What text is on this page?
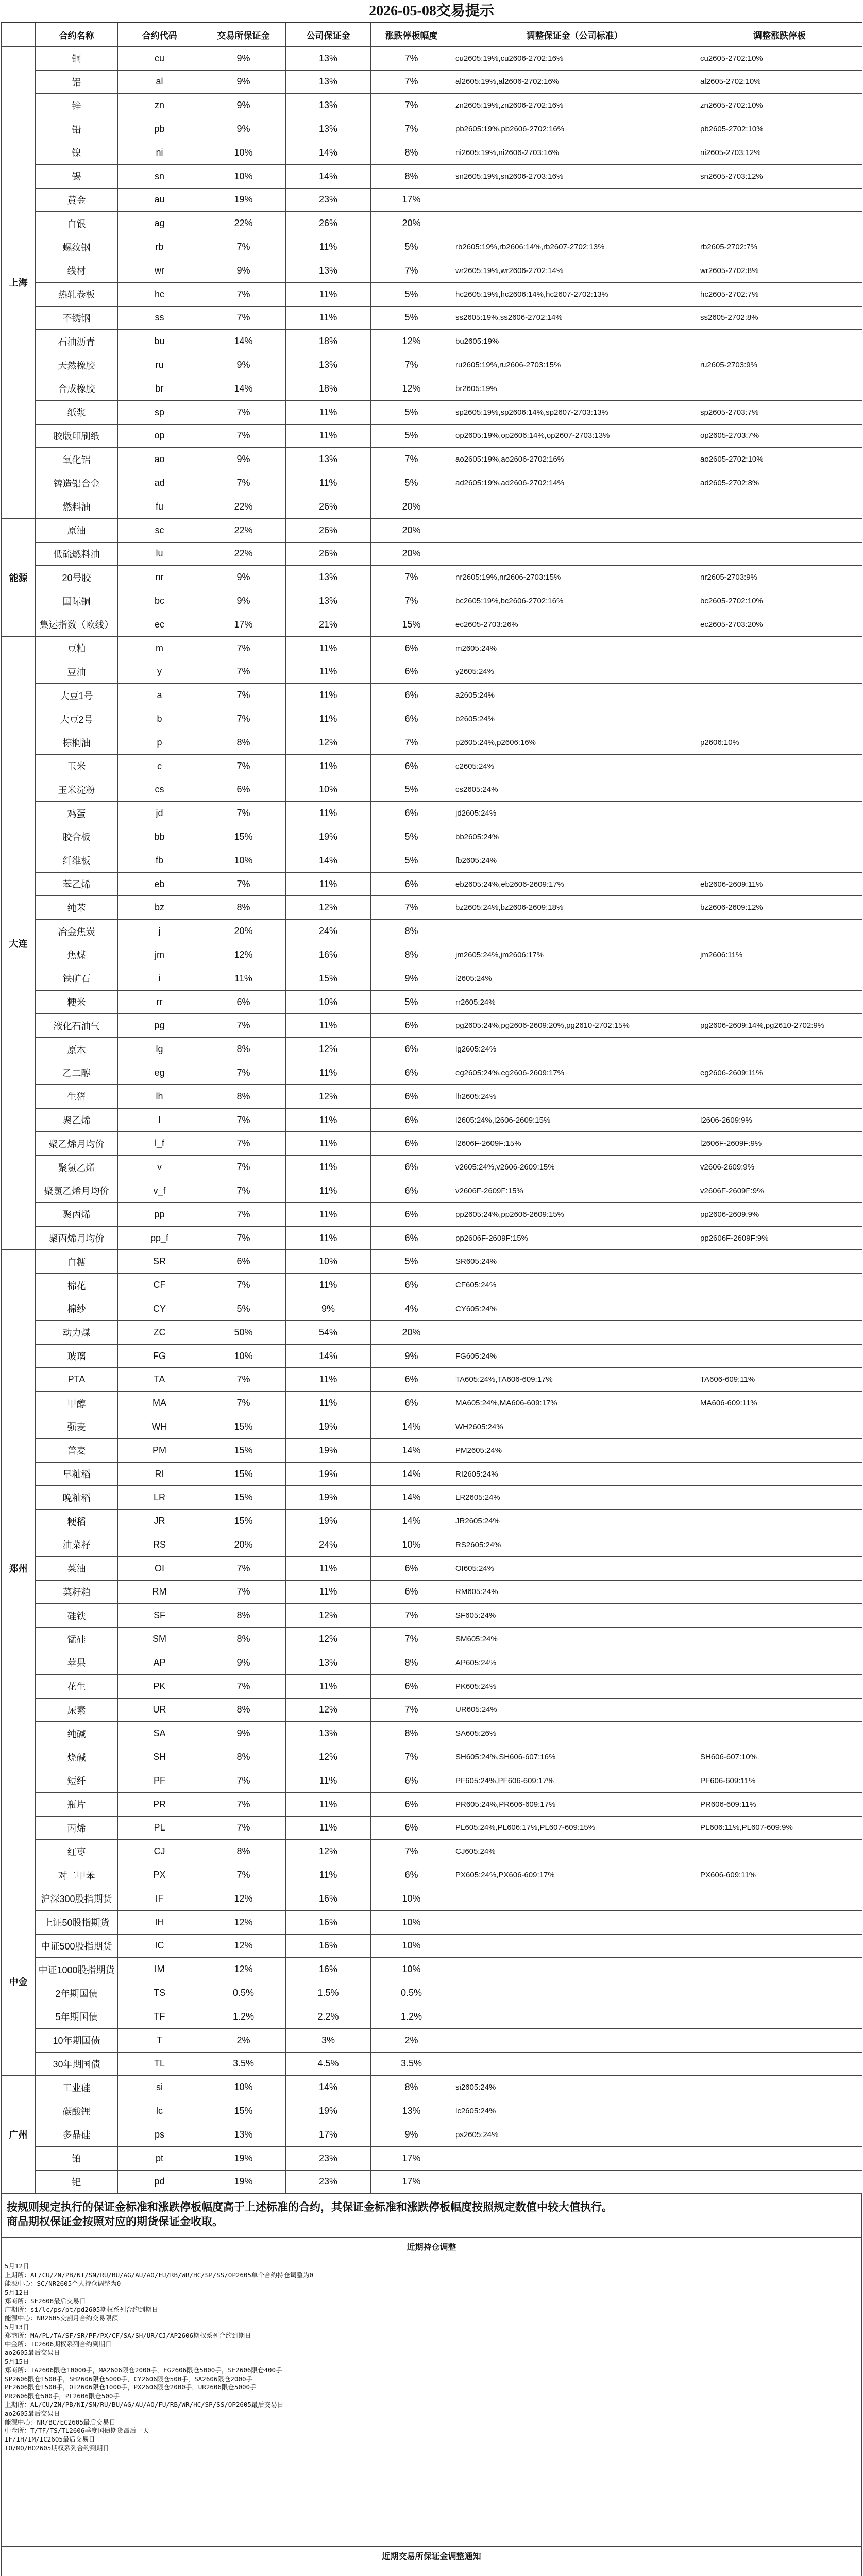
2026-05-08交易提示
	合约名称	合约代码	交易所保证金	公司保证金	涨跌停板幅度	调整保证金（公司标准）	调整涨跌停板
上海	铜	cu	9%	13%	7%	cu2605:19%,cu2606-2702:16%	cu2605-2702:10%
	铝	al	9%	13%	7%	al2605:19%,al2606-2702:16%	al2605-2702:10%
	锌	zn	9%	13%	7%	zn2605:19%,zn2606-2702:16%	zn2605-2702:10%
	铅	pb	9%	13%	7%	pb2605:19%,pb2606-2702:16%	pb2605-2702:10%
	镍	ni	10%	14%	8%	ni2605:19%,ni2606-2703:16%	ni2605-2703:12%
	锡	sn	10%	14%	8%	sn2605:19%,sn2606-2703:16%	sn2605-2703:12%
	黄金	au	19%	23%	17%		
	白银	ag	22%	26%	20%		
	螺纹钢	rb	7%	11%	5%	rb2605:19%,rb2606:14%,rb2607-2702:13%	rb2605-2702:7%
	线材	wr	9%	13%	7%	wr2605:19%,wr2606-2702:14%	wr2605-2702:8%
	热轧卷板	hc	7%	11%	5%	hc2605:19%,hc2606:14%,hc2607-2702:13%	hc2605-2702:7%
	不锈钢	ss	7%	11%	5%	ss2605:19%,ss2606-2702:14%	ss2605-2702:8%
	石油沥青	bu	14%	18%	12%	bu2605:19%	
	天然橡胶	ru	9%	13%	7%	ru2605:19%,ru2606-2703:15%	ru2605-2703:9%
	合成橡胶	br	14%	18%	12%	br2605:19%	
	纸浆	sp	7%	11%	5%	sp2605:19%,sp2606:14%,sp2607-2703:13%	sp2605-2703:7%
	胶版印刷纸	op	7%	11%	5%	op2605:19%,op2606:14%,op2607-2703:13%	op2605-2703:7%
	氧化铝	ao	9%	13%	7%	ao2605:19%,ao2606-2702:16%	ao2605-2702:10%
	铸造铝合金	ad	7%	11%	5%	ad2605:19%,ad2606-2702:14%	ad2605-2702:8%
	燃料油	fu	22%	26%	20%		
能源	原油	sc	22%	26%	20%		
	低硫燃料油	lu	22%	26%	20%		
	20号胶	nr	9%	13%	7%	nr2605:19%,nr2606-2703:15%	nr2605-2703:9%
	国际铜	bc	9%	13%	7%	bc2605:19%,bc2606-2702:16%	bc2605-2702:10%
	集运指数（欧线）	ec	17%	21%	15%	ec2605-2703:26%	ec2605-2703:20%
大连	豆粕	m	7%	11%	6%	m2605:24%	
	豆油	y	7%	11%	6%	y2605:24%	
	大豆1号	a	7%	11%	6%	a2605:24%	
	大豆2号	b	7%	11%	6%	b2605:24%	
	棕榈油	p	8%	12%	7%	p2605:24%,p2606:16%	p2606:10%
	玉米	c	7%	11%	6%	c2605:24%	
	玉米淀粉	cs	6%	10%	5%	cs2605:24%	
	鸡蛋	jd	7%	11%	6%	jd2605:24%	
	胶合板	bb	15%	19%	5%	bb2605:24%	
	纤维板	fb	10%	14%	5%	fb2605:24%	
	苯乙烯	eb	7%	11%	6%	eb2605:24%,eb2606-2609:17%	eb2606-2609:11%
	纯苯	bz	8%	12%	7%	bz2605:24%,bz2606-2609:18%	bz2606-2609:12%
	冶金焦炭	j	20%	24%	8%		
	焦煤	jm	12%	16%	8%	jm2605:24%,jm2606:17%	jm2606:11%
	铁矿石	i	11%	15%	9%	i2605:24%	
	粳米	rr	6%	10%	5%	rr2605:24%	
	液化石油气	pg	7%	11%	6%	pg2605:24%,pg2606-2609:20%,pg2610-2702:15%	pg2606-2609:14%,pg2610-2702:9%
	原木	lg	8%	12%	6%	lg2605:24%	
	乙二醇	eg	7%	11%	6%	eg2605:24%,eg2606-2609:17%	eg2606-2609:11%
	生猪	lh	8%	12%	6%	lh2605:24%	
	聚乙烯	l	7%	11%	6%	l2605:24%,l2606-2609:15%	l2606-2609:9%
	聚乙烯月均价	l_f	7%	11%	6%	l2606F-2609F:15%	l2606F-2609F:9%
	聚氯乙烯	v	7%	11%	6%	v2605:24%,v2606-2609:15%	v2606-2609:9%
	聚氯乙烯月均价	v_f	7%	11%	6%	v2606F-2609F:15%	v2606F-2609F:9%
	聚丙烯	pp	7%	11%	6%	pp2605:24%,pp2606-2609:15%	pp2606-2609:9%
	聚丙烯月均价	pp_f	7%	11%	6%	pp2606F-2609F:15%	pp2606F-2609F:9%
郑州	白糖	SR	6%	10%	5%	SR605:24%	
	棉花	CF	7%	11%	6%	CF605:24%	
	棉纱	CY	5%	9%	4%	CY605:24%	
	动力煤	ZC	50%	54%	20%		
	玻璃	FG	10%	14%	9%	FG605:24%	
	PTA	TA	7%	11%	6%	TA605:24%,TA606-609:17%	TA606-609:11%
	甲醇	MA	7%	11%	6%	MA605:24%,MA606-609:17%	MA606-609:11%
	强麦	WH	15%	19%	14%	WH2605:24%	
	普麦	PM	15%	19%	14%	PM2605:24%	
	早籼稻	RI	15%	19%	14%	RI2605:24%	
	晚籼稻	LR	15%	19%	14%	LR2605:24%	
	粳稻	JR	15%	19%	14%	JR2605:24%	
	油菜籽	RS	20%	24%	10%	RS2605:24%	
	菜油	OI	7%	11%	6%	OI605:24%	
	菜籽粕	RM	7%	11%	6%	RM605:24%	
	硅铁	SF	8%	12%	7%	SF605:24%	
	锰硅	SM	8%	12%	7%	SM605:24%	
	苹果	AP	9%	13%	8%	AP605:24%	
	花生	PK	7%	11%	6%	PK605:24%	
	尿素	UR	8%	12%	7%	UR605:24%	
	纯碱	SA	9%	13%	8%	SA605:26%	
	烧碱	SH	8%	12%	7%	SH605:24%,SH606-607:16%	SH606-607:10%
	短纤	PF	7%	11%	6%	PF605:24%,PF606-609:17%	PF606-609:11%
	瓶片	PR	7%	11%	6%	PR605:24%,PR606-609:17%	PR606-609:11%
	丙烯	PL	7%	11%	6%	PL605:24%,PL606:17%,PL607-609:15%	PL606:11%,PL607-609:9%
	红枣	CJ	8%	12%	7%	CJ605:24%	
	对二甲苯	PX	7%	11%	6%	PX605:24%,PX606-609:17%	PX606-609:11%
中金	沪深300股指期货	IF	12%	16%	10%		
	上证50股指期货	IH	12%	16%	10%		
	中证500股指期货	IC	12%	16%	10%		
	中证1000股指期货	IM	12%	16%	10%		
	2年期国债	TS	0.5%	1.5%	0.5%		
	5年期国债	TF	1.2%	2.2%	1.2%		
	10年期国债	T	2%	3%	2%		
	30年期国债	TL	3.5%	4.5%	3.5%		
广州	工业硅	si	10%	14%	8%	si2605:24%	
	碳酸锂	lc	15%	19%	13%	lc2605:24%	
	多晶硅	ps	13%	17%	9%	ps2605:24%	
	铂	pt	19%	23%	17%		
	钯	pd	19%	23%	17%		
按规则规定执行的保证金标准和涨跌停板幅度高于上述标准的合约，其保证金标准和涨跌停板幅度按照规定数值中较大值执行。
商品期权保证金按照对应的期货保证金收取。
近期持仓调整
5月12日
上期所：AL/CU/ZN/PB/NI/SN/RU/BU/AG/AU/AO/FU/RB/WR/HC/SP/SS/OP2605单个合约持仓调整为0
能源中心：SC/NR2605个人持仓调整为0
5月12日
郑商所：SF2608最后交易日
广期所：si/lc/ps/pt/pd2605期权系列合约到期日
能源中心：NR2605交割月合约交易限额
5月13日
郑商所：MA/PL/TA/SF/SR/PF/PX/CF/SA/SH/UR/CJ/AP2606期权系列合约到期日
中金所：IC2606期权系列合约到期日
ao2605最后交易日
5月15日
郑商所：TA2606限仓10000手，MA2606限仓2000手，FG2606限仓5000手，SF2606限仓400手
SP2606限仓1500手，SH2606限仓5000手，CY2606限仓500手，SA2606限仓2000手
PF2606限仓1500手，OI2606限仓1000手，PX2606限仓2000手，UR2606限仓5000手
PR2606限仓500手，PL2606限仓500手
上期所：AL/CU/ZN/PB/NI/SN/RU/BU/AG/AU/AO/FU/RB/WR/HC/SP/SS/OP2605最后交易日
ao2605最后交易日
能源中心：NR/BC/EC2605最后交易日
中金所：T/TF/TS/TL2606季度国债期货最后一天
IF/IH/IM/IC2605最后交易日
IO/MO/HO2605期权系列合约到期日
近期交易所保证金调整通知
